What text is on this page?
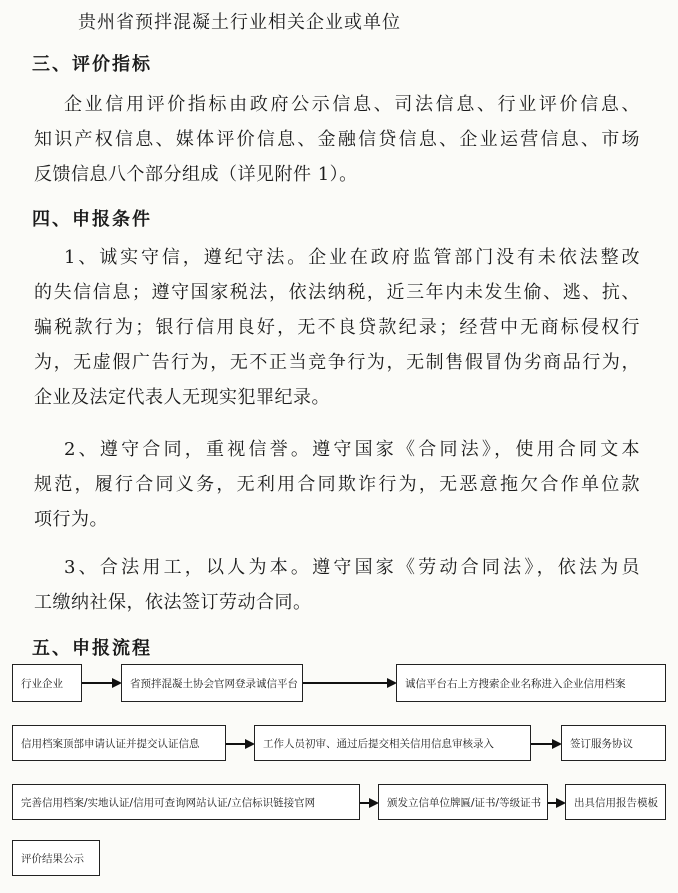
贵州省预拌混凝土行业相关企业或单位
三、评价指标
企业信用评价指标由政府公示信息、司法信息、行业评价信息、
知识产权信息、媒体评价信息、金融信贷信息、企业运营信息、市场
反馈信息八个部分组成（详见附件 1）。
四、申报条件
1、诚实守信，遵纪守法。企业在政府监管部门没有未依法整改
的失信信息；遵守国家税法，依法纳税，近三年内未发生偷、逃、抗、
骗税款行为；银行信用良好，无不良贷款纪录；经营中无商标侵权行
为，无虚假广告行为，无不正当竞争行为，无制售假冒伪劣商品行为，
企业及法定代表人无现实犯罪纪录。
2、遵守合同，重视信誉。遵守国家《合同法》，使用合同文本
规范，履行合同义务，无利用合同欺诈行为，无恶意拖欠合作单位款
项行为。
3、合法用工，以人为本。遵守国家《劳动合同法》，依法为员
工缴纳社保，依法签订劳动合同。
五、申报流程
行业企业	省预拌混凝土协会官网登录诚信平台	诚信平台右上方搜索企业名称进入企业信用档案
信用档案顶部申请认证并提交认证信息	工作人员初审、通过后提交相关信用信息审核录入	签订服务协议
完善信用档案/实地认证/信用可查询网站认证/立信标识链接官网	颁发立信单位牌匾/证书/等级证书	出具信用报告模板
评价结果公示
